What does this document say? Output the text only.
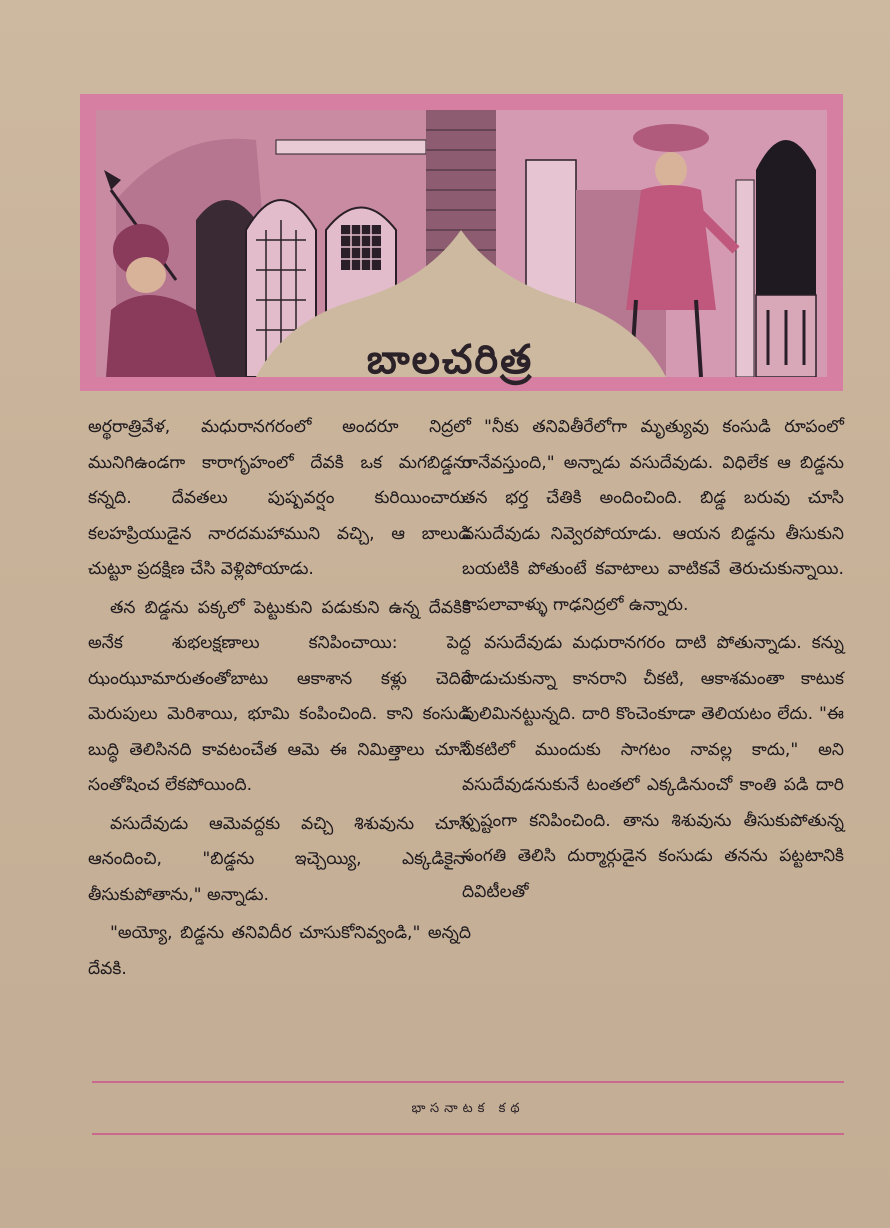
బాలచరిత్ర

అర్థరాత్రివేళ, మధురానగరంలో అందరూ నిద్రలో మునిగిఉండగా కారాగృహంలో దేవకి ఒక మగబిడ్డను కన్నది. దేవతలు పుష్పవర్షం కురియించారు. కలహప్రియుడైన నారదమహాముని వచ్చి, ఆ బాలుడి చుట్టూ ప్రదక్షిణ చేసి వెళ్లిపోయాడు.

తన బిడ్డను పక్కలో పెట్టుకుని పడుకుని ఉన్న దేవకికి అనేక శుభలక్షణాలు కనిపించాయి: పెద్ద ఝంఝూమారుతంతోబాటు ఆకాశాన కళ్లు చెదిరే మెరుపులు మెరిశాయి, భూమి కంపించింది. కాని కంసుడి బుద్ధి తెలిసినది కావటంచేత ఆమె ఈ నిమిత్తాలు చూసి సంతోషించ లేకపోయింది.

వసుదేవుడు ఆమెవద్దకు వచ్చి శిశువును చూసి ఆనందించి, "బిడ్డను ఇచ్చెయ్యి, ఎక్కడికైనా తీసుకుపోతాను," అన్నాడు.

"అయ్యో, బిడ్డను తనివిదీర చూసుకోనివ్వండి," అన్నది దేవకి.

"నీకు తనివితీరేలోగా మృత్యువు కంసుడి రూపంలో రానేవస్తుంది," అన్నాడు వసుదేవుడు. విధిలేక ఆ బిడ్డను తన భర్త చేతికి అందించింది. బిడ్డ బరువు చూసి వసుదేవుడు నివ్వెరపోయాడు. ఆయన బిడ్డను తీసుకుని బయటికి పోతుంటే కవాటాలు వాటికవే తెరుచుకున్నాయి. కాపలావాళ్ళు గాఢనిద్రలో ఉన్నారు.

వసుదేవుడు మధురానగరం దాటి పోతున్నాడు. కన్ను పొడుచుకున్నా కానరాని చీకటి, ఆకాశమంతా కాటుక పులిమినట్టున్నది. దారి కొంచెంకూడా తెలియటం లేదు. "ఈ చీకటిలో ముందుకు సాగటం నావల్ల కాదు," అని వసుదేవుడనుకునే టంతలో ఎక్కడినుంచో కాంతి పడి దారి స్పష్టంగా కనిపించింది. తాను శిశువును తీసుకుపోతున్న సంగతి తెలిసి దుర్మార్గుడైన కంసుడు తనను పట్టటానికి దివిటీలతో

భాసనాటక కథ
